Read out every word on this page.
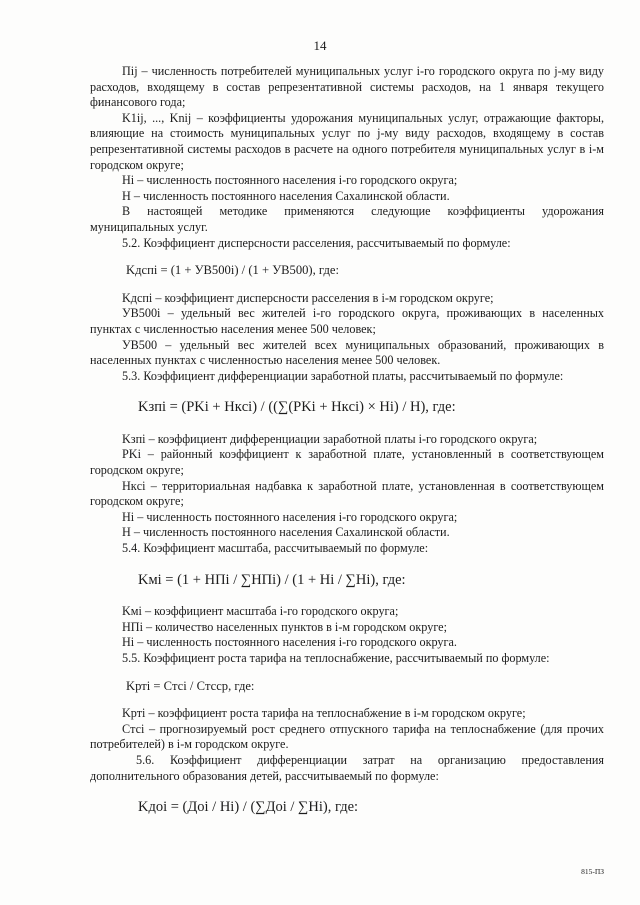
14

Пij – численность потребителей муниципальных услуг i-го городского округа по j-му виду расходов, входящему в состав репрезентативной системы расходов, на 1 января текущего финансового года;

K1ij, ..., Knij – коэффициенты удорожания муниципальных услуг, отражающие факторы, влияющие на стоимость муниципальных услуг по j-му виду расходов, входящему в состав репрезентативной системы расходов в расчете на одного потребителя муниципальных услуг в i-м городском округе;

Нi – численность постоянного населения i-го городского округа;

Н – численность постоянного населения Сахалинской области.

В настоящей методике применяются следующие коэффициенты удорожания муниципальных услуг.

5.2. Коэффициент дисперсности расселения, рассчитываемый по формуле:

Kдспi = (1 + УВ500i) / (1 + УВ500), где:

Kдспi – коэффициент дисперсности расселения в i-м городском округе;

УВ500i – удельный вес жителей i-го городского округа, проживающих в населенных пунктах с численностью населения менее 500 человек;

УВ500 – удельный вес жителей всех муниципальных образований, проживающих в населенных пунктах с численностью населения менее 500 человек.

5.3. Коэффициент дифференциации заработной платы, рассчитываемый по формуле:

Kзпi = (PKi + Hкci) / ((∑(PKi + Hкci) × Hi) / H), где:

Kзпi – коэффициент дифференциации заработной платы i-го городского округа;

PKi – районный коэффициент к заработной плате, установленный в соответствующем городском округе;

Hкci – территориальная надбавка к заработной плате, установленная в соответствующем городском округе;

Нi – численность постоянного населения i-го городского округа;

Н – численность постоянного населения Сахалинской области.

5.4. Коэффициент масштаба, рассчитываемый по формуле:

Kмi = (1 + HПi / ∑HПi) / (1 + Hi / ∑Hi), где:

Kмi – коэффициент масштаба i-го городского округа;

HПi – количество населенных пунктов в i-м городском округе;

Нi – численность постоянного населения i-го городского округа.

5.5. Коэффициент роста тарифа на теплоснабжение, рассчитываемый по формуле:

Kртi = Cтсi / Cтсср, где:

Kртi – коэффициент роста тарифа на теплоснабжение в i-м городском округе;

Cтсi – прогнозируемый рост среднего отпускного тарифа на теплоснабжение (для прочих потребителей) в i-м городском округе.

5.6. Коэффициент дифференциации затрат на организацию предоставления дополнительного образования детей, рассчитываемый по формуле:

Kдоi = (Доi / Hi) / (∑Доi / ∑Hi), где:

815-ПЗ
